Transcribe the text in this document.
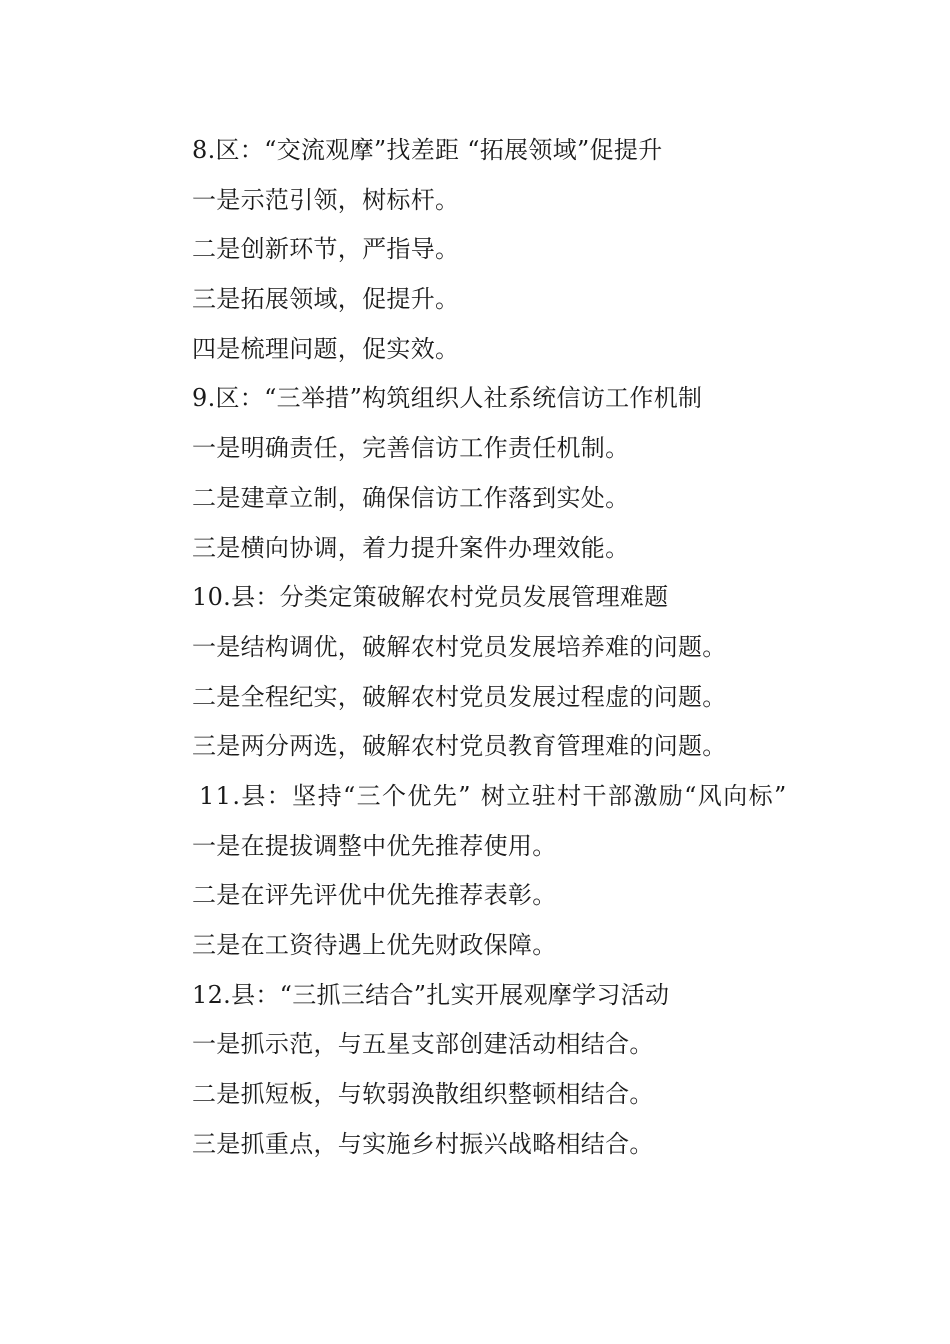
8.区：“交流观摩”找差距 “拓展领域”促提升
一是示范引领，树标杆。
二是创新环节，严指导。
三是拓展领域，促提升。
四是梳理问题，促实效。
9.区：“三举措”构筑组织人社系统信访工作机制
一是明确责任，完善信访工作责任机制。
二是建章立制，确保信访工作落到实处。
三是横向协调，着力提升案件办理效能。
10.县：分类定策破解农村党员发展管理难题
一是结构调优，破解农村党员发展培养难的问题。
二是全程纪实，破解农村党员发展过程虚的问题。
三是两分两选，破解农村党员教育管理难的问题。
11.县：坚持“三个优先” 树立驻村干部激励“风向标”
一是在提拔调整中优先推荐使用。
二是在评先评优中优先推荐表彰。
三是在工资待遇上优先财政保障。
12.县：“三抓三结合”扎实开展观摩学习活动
一是抓示范，与五星支部创建活动相结合。
二是抓短板，与软弱涣散组织整顿相结合。
三是抓重点，与实施乡村振兴战略相结合。
